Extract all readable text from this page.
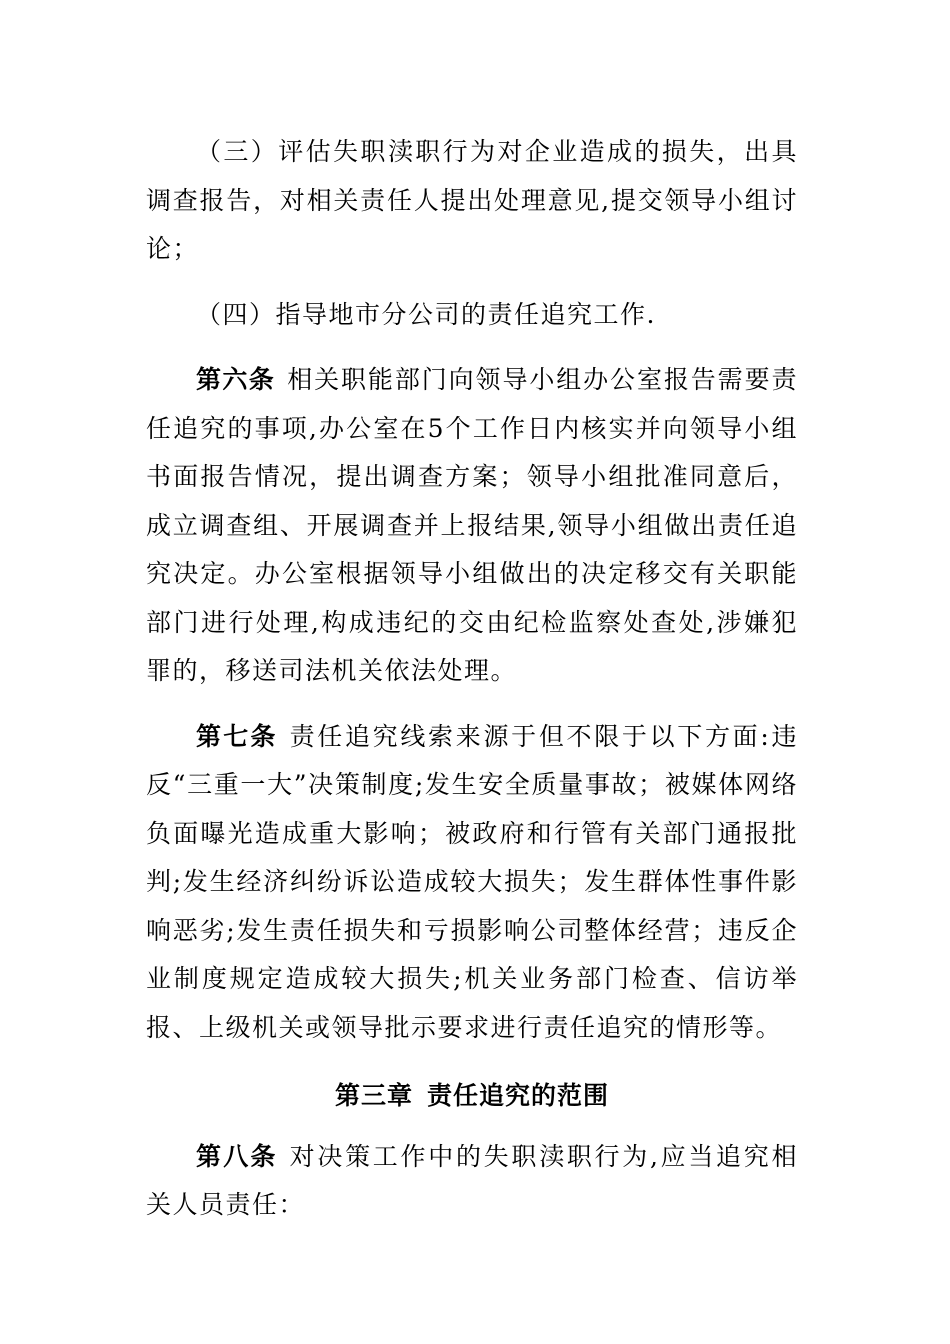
（三）评估失职渎职行为对企业造成的损失，出具调查报告，对相关责任人提出处理意见,提交领导小组讨论；

（四）指导地市分公司的责任追究工作.

第六条 相关职能部门向领导小组办公室报告需要责任追究的事项,办公室在5个工作日内核实并向领导小组书面报告情况，提出调查方案；领导小组批准同意后，成立调查组、开展调查并上报结果,领导小组做出责任追究决定。办公室根据领导小组做出的决定移交有关职能部门进行处理,构成违纪的交由纪检监察处查处,涉嫌犯罪的，移送司法机关依法处理。

第七条 责任追究线索来源于但不限于以下方面:违反“三重一大”决策制度;发生安全质量事故；被媒体网络负面曝光造成重大影响；被政府和行管有关部门通报批判;发生经济纠纷诉讼造成较大损失；发生群体性事件影响恶劣;发生责任损失和亏损影响公司整体经营；违反企业制度规定造成较大损失;机关业务部门检查、信访举报、上级机关或领导批示要求进行责任追究的情形等。

第三章 责任追究的范围

第八条 对决策工作中的失职渎职行为,应当追究相关人员责任：
